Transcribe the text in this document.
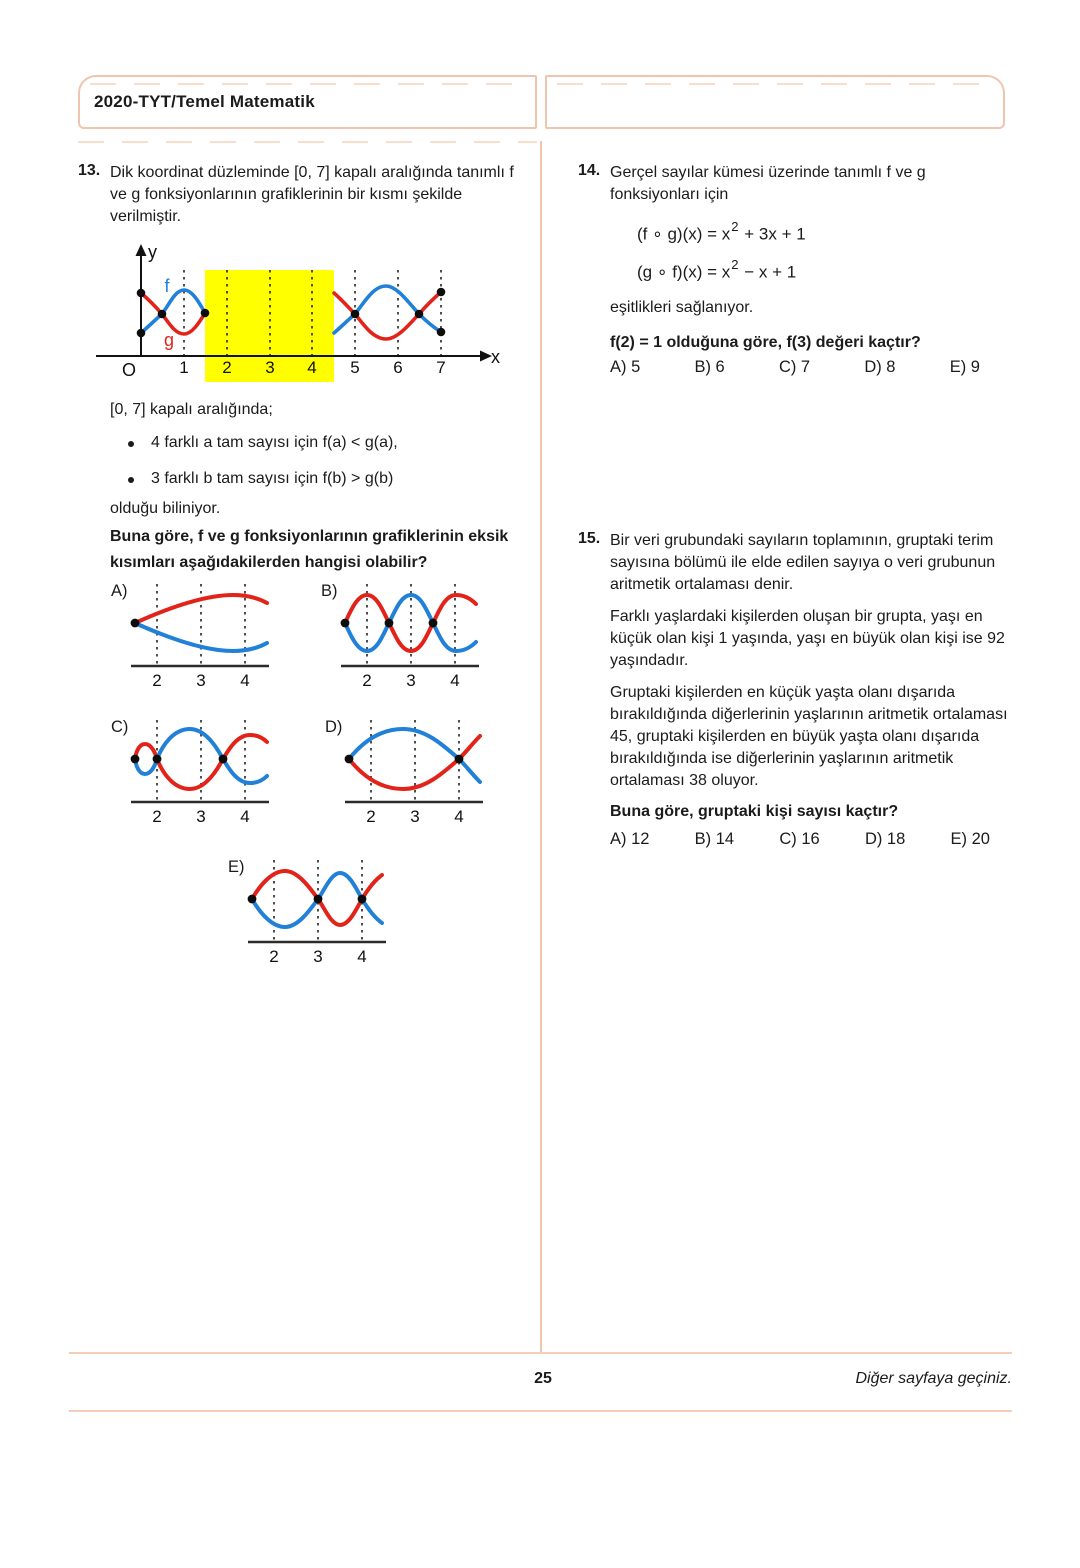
2020-TYT/Temel Matematik
13. Dik koordinat düzleminde [0, 7] kapalı aralığında tanımlı f ve g fonksiyonlarının grafiklerinin bir kısmı şekilde verilmiştir.

y
x
O
f
g
1 2 3 4 5 6 7

[0, 7] kapalı aralığında;

4 farklı a tam sayısı için f(a) < g(a),
3 farklı b tam sayısı için f(b) > g(b)

olduğu biliniyor.

Buna göre, f ve g fonksiyonlarının grafiklerinin eksik kısımları aşağıdakilerden hangisi olabilir?

A)
2 3 4
B)
2 3 4
C)
2 3 4
D)
2 3 4
E)
2 3 4
14. Gerçel sayılar kümesi üzerinde tanımlı f ve g fonksiyonları için

(f ∘ $g)(x) = x^2 + 3x + 1$
(g ∘ $f)(x) = x^2 - x + 1$

eşitlikleri sağlanıyor.

f(2) = 1 olduğuna göre, f(3) değeri kaçtır?

A) 5	B) 6	C) 7	D) 8	E) 9
15. Bir veri grubundaki sayıların toplamının, gruptaki terim sayısına bölümü ile elde edilen sayıya o veri grubunun aritmetik ortalaması denir.

Farklı yaşlardaki kişilerden oluşan bir grupta, yaşı en küçük olan kişi 1 yaşında, yaşı en büyük olan kişi ise 92 yaşındadır.

Gruptaki kişilerden en küçük yaşta olanı dışarıda bırakıldığında diğerlerinin yaşlarının aritmetik ortalaması 45, gruptaki kişilerden en büyük yaşta olanı dışarıda bırakıldığında ise diğerlerinin yaşlarının aritmetik ortalaması 38 oluyor.

Buna göre, gruptaki kişi sayısı kaçtır?

A) 12	B) 14	C) 16	D) 18	E) 20
25	Diğer sayfaya geçiniz.
